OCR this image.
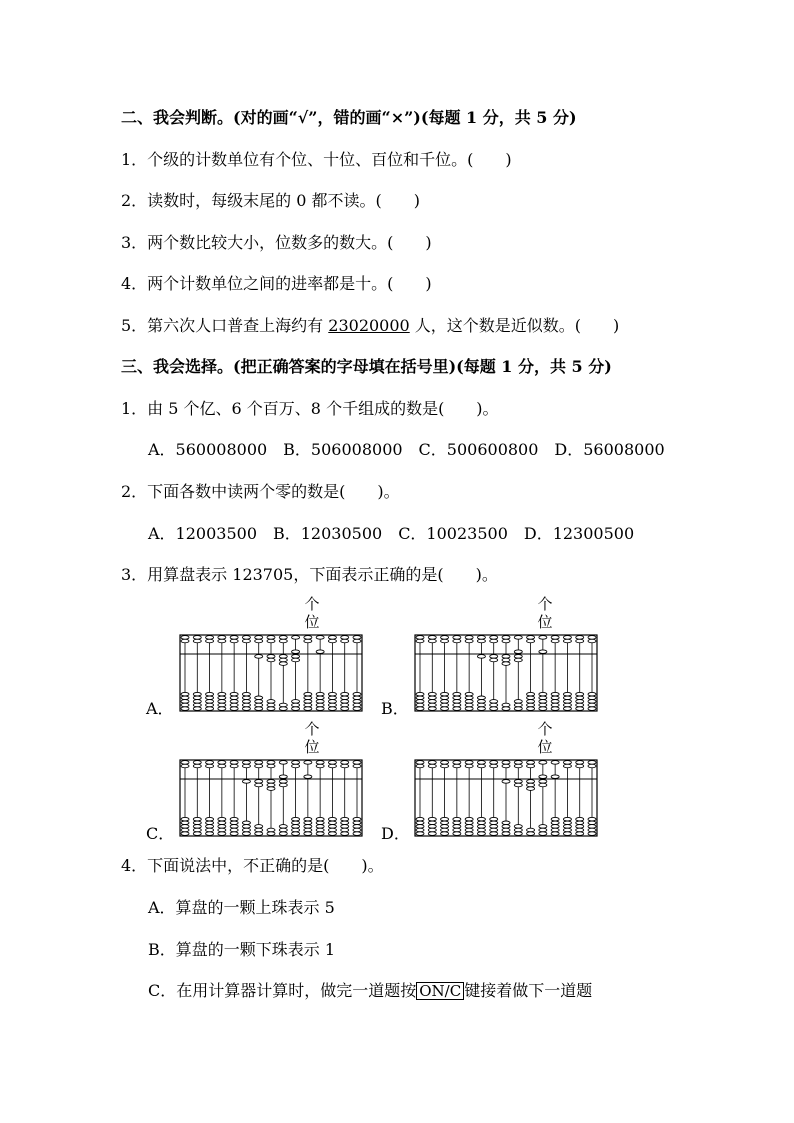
二、我会判断。(对的画“√”，错的画“×”)(每题 1 分，共 5 分)
1．个级的计数单位有个位、十位、百位和千位。(　　)
2．读数时，每级末尾的 0 都不读。(　　)
3．两个数比较大小，位数多的数大。(　　)
4．两个计数单位之间的进率都是十。(　　)
5．第六次人口普查上海约有 23020000 人，这个数是近似数。(　　)
三、我会选择。(把正确答案的字母填在括号里)(每题 1 分，共 5 分)
1．由 5 个亿、6 个百万、8 个千组成的数是(　　)。
A．560008000　B．506008000　C．500600800　D．56008000
2．下面各数中读两个零的数是(　　)。
A．12003500　B．12030500　C．10023500　D．12300500
3．用算盘表示 123705，下面表示正确的是(　　)。
个
位
A．
个
位
B．
个
位
C．
个
位
D．
4．下面说法中，不正确的是(　　)。
A．算盘的一颗上珠表示 5
B．算盘的一颗下珠表示 1
C．在用计算器计算时，做完一道题按 ON/C 键接着做下一道题
